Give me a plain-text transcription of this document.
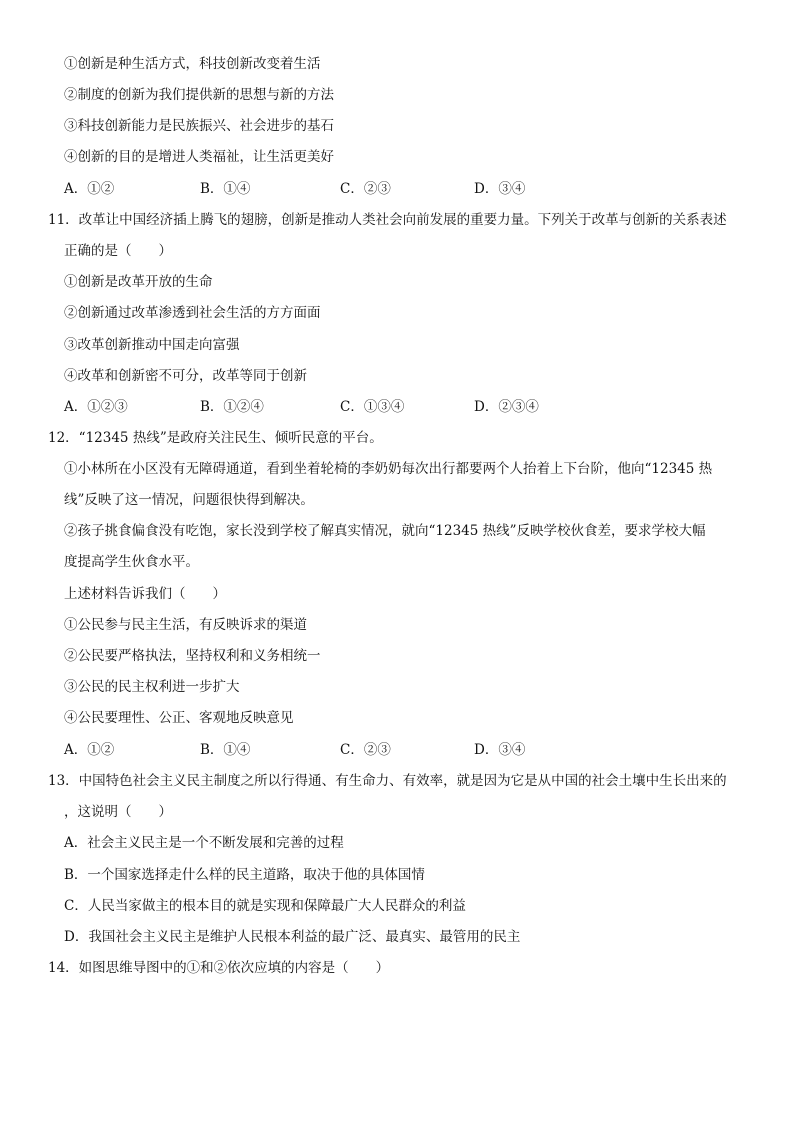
①创新是种生活方式，科技创新改变着生活
②制度的创新为我们提供新的思想与新的方法
③科技创新能力是民族振兴、社会进步的基石
④创新的目的是增进人类福祉，让生活更美好
A．①②	B．①④	C．②③	D．③④
11．改革让中国经济插上腾飞的翅膀，创新是推动人类社会向前发展的重要力量。下列关于改革与创新的关系表述
正确的是（　　）
①创新是改革开放的生命
②创新通过改革渗透到社会生活的方方面面
③改革创新推动中国走向富强
④改革和创新密不可分，改革等同于创新
A．①②③	B．①②④	C．①③④	D．②③④
12．“12345 热线”是政府关注民生、倾听民意的平台。
①小林所在小区没有无障碍通道，看到坐着轮椅的李奶奶每次出行都要两个人抬着上下台阶，他向“12345 热
线”反映了这一情况，问题很快得到解决。
②孩子挑食偏食没有吃饱，家长没到学校了解真实情况，就向“12345 热线”反映学校伙食差，要求学校大幅
度提高学生伙食水平。
上述材料告诉我们（　　）
①公民参与民主生活，有反映诉求的渠道
②公民要严格执法，坚持权利和义务相统一
③公民的民主权利进一步扩大
④公民要理性、公正、客观地反映意见
A．①②	B．①④	C．②③	D．③④
13．中国特色社会主义民主制度之所以行得通、有生命力、有效率，就是因为它是从中国的社会土壤中生长出来的
，这说明（　　）
A．社会主义民主是一个不断发展和完善的过程
B．一个国家选择走什么样的民主道路，取决于他的具体国情
C．人民当家做主的根本目的就是实现和保障最广大人民群众的利益
D．我国社会主义民主是维护人民根本利益的最广泛、最真实、最管用的民主
14．如图思维导图中的①和②依次应填的内容是（　　）
